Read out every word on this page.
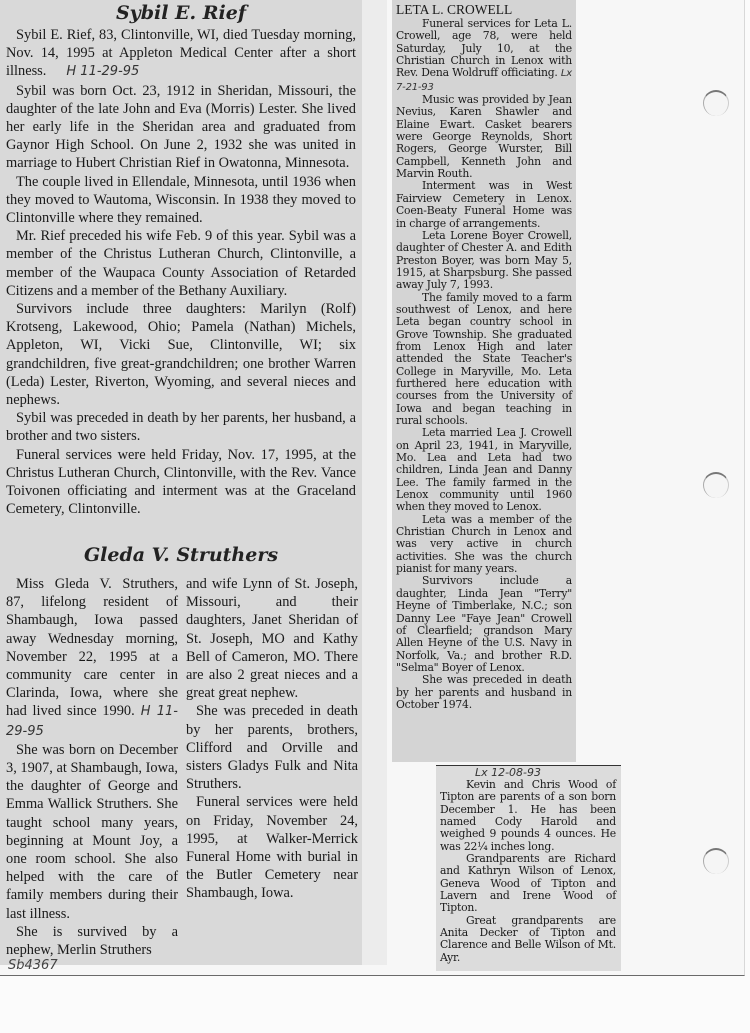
Sybil E. Rief

Sybil E. Rief, 83, Clintonville, WI, died Tuesday morning, Nov. 14, 1995 at Appleton Medical Center after a short illness. H 11-29-95

Sybil was born Oct. 23, 1912 in Sheridan, Missouri, the daughter of the late John and Eva (Morris) Lester. She lived her early life in the Sheridan area and graduated from Gaynor High School. On June 2, 1932 she was united in marriage to Hubert Christian Rief in Owatonna, Minnesota.

The couple lived in Ellendale, Minnesota, until 1936 when they moved to Wautoma, Wisconsin. In 1938 they moved to Clintonville where they remained.

Mr. Rief preceded his wife Feb. 9 of this year. Sybil was a member of the Christus Lutheran Church, Clintonville, a member of the Waupaca County Association of Retarded Citizens and a member of the Bethany Auxiliary.

Survivors include three daughters: Marilyn (Rolf) Krotseng, Lakewood, Ohio; Pamela (Nathan) Michels, Appleton, WI, Vicki Sue, Clintonville, WI; six grandchildren, five great-grandchildren; one brother Warren (Leda) Lester, Riverton, Wyoming, and several nieces and nephews.

Sybil was preceded in death by her parents, her husband, a brother and two sisters.

Funeral services were held Friday, Nov. 17, 1995, at the Christus Lutheran Church, Clintonville, with the Rev. Vance Toivonen officiating and interment was at the Graceland Cemetery, Clintonville.

Gleda V. Struthers

Miss Gleda V. Struthers, 87, lifelong resident of Shambaugh, Iowa passed away Wednesday morning, November 22, 1995 at a community care center in Clarinda, Iowa, where she had lived since 1990. H 11-29-95

She was born on December 3, 1907, at Shambaugh, Iowa, the daughter of George and Emma Wallick Struthers. She taught school many years, beginning at Mount Joy, a one room school. She also helped with the care of family members during their last illness.

She is survived by a nephew, Merlin Struthers

and wife Lynn of St. Joseph, Missouri, and their daughters, Janet Sheridan of St. Joseph, MO and Kathy Bell of Cameron, MO. There are also 2 great nieces and a great great nephew.

She was preceded in death by her parents, brothers, Clifford and Orville and sisters Gladys Fulk and Nita Struthers.

Funeral services were held on Friday, November 24, 1995, at Walker-Merrick Funeral Home with burial in the Butler Cemetery near Shambaugh, Iowa.

Sb4367
LETA L. CROWELL

Funeral services for Leta L. Crowell, age 78, were held Saturday, July 10, at the Christian Church in Lenox with Rev. Dena Woldruff officiating. Lx 7-21-93

Music was provided by Jean Nevius, Karen Shawler and Elaine Ewart. Casket bearers were George Reynolds, Short Rogers, George Wurster, Bill Campbell, Kenneth John and Marvin Routh.

Interment was in West Fairview Cemetery in Lenox. Coen-Beaty Funeral Home was in charge of arrangements.

Leta Lorene Boyer Crowell, daughter of Chester A. and Edith Preston Boyer, was born May 5, 1915, at Sharpsburg. She passed away July 7, 1993.

The family moved to a farm southwest of Lenox, and here Leta began country school in Grove Township. She graduated from Lenox High and later attended the State Teacher's College in Maryville, Mo. Leta furthered here education with courses from the University of Iowa and began teaching in rural schools.

Leta married Lea J. Crowell on April 23, 1941, in Maryville, Mo. Lea and Leta had two children, Linda Jean and Danny Lee. The family farmed in the Lenox community until 1960 when they moved to Lenox.

Leta was a member of the Christian Church in Lenox and was very active in church activities. She was the church pianist for many years.

Survivors include a daughter, Linda Jean "Terry" Heyne of Timberlake, N.C.; son Danny Lee "Faye Jean" Crowell of Clearfield; grandson Mary Allen Heyne of the U.S. Navy in Norfolk, Va.; and brother R.D. "Selma" Boyer of Lenox.

She was preceded in death by her parents and husband in October 1974.

Lx 12-08-93

Kevin and Chris Wood of Tipton are parents of a son born December 1. He has been named Cody Harold and weighed 9 pounds 4 ounces. He was 22¼ inches long.

Grandparents are Richard and Kathryn Wilson of Lenox, Geneva Wood of Tipton and Lavern and Irene Wood of Tipton.

Great grandparents are Anita Decker of Tipton and Clarence and Belle Wilson of Mt. Ayr.
